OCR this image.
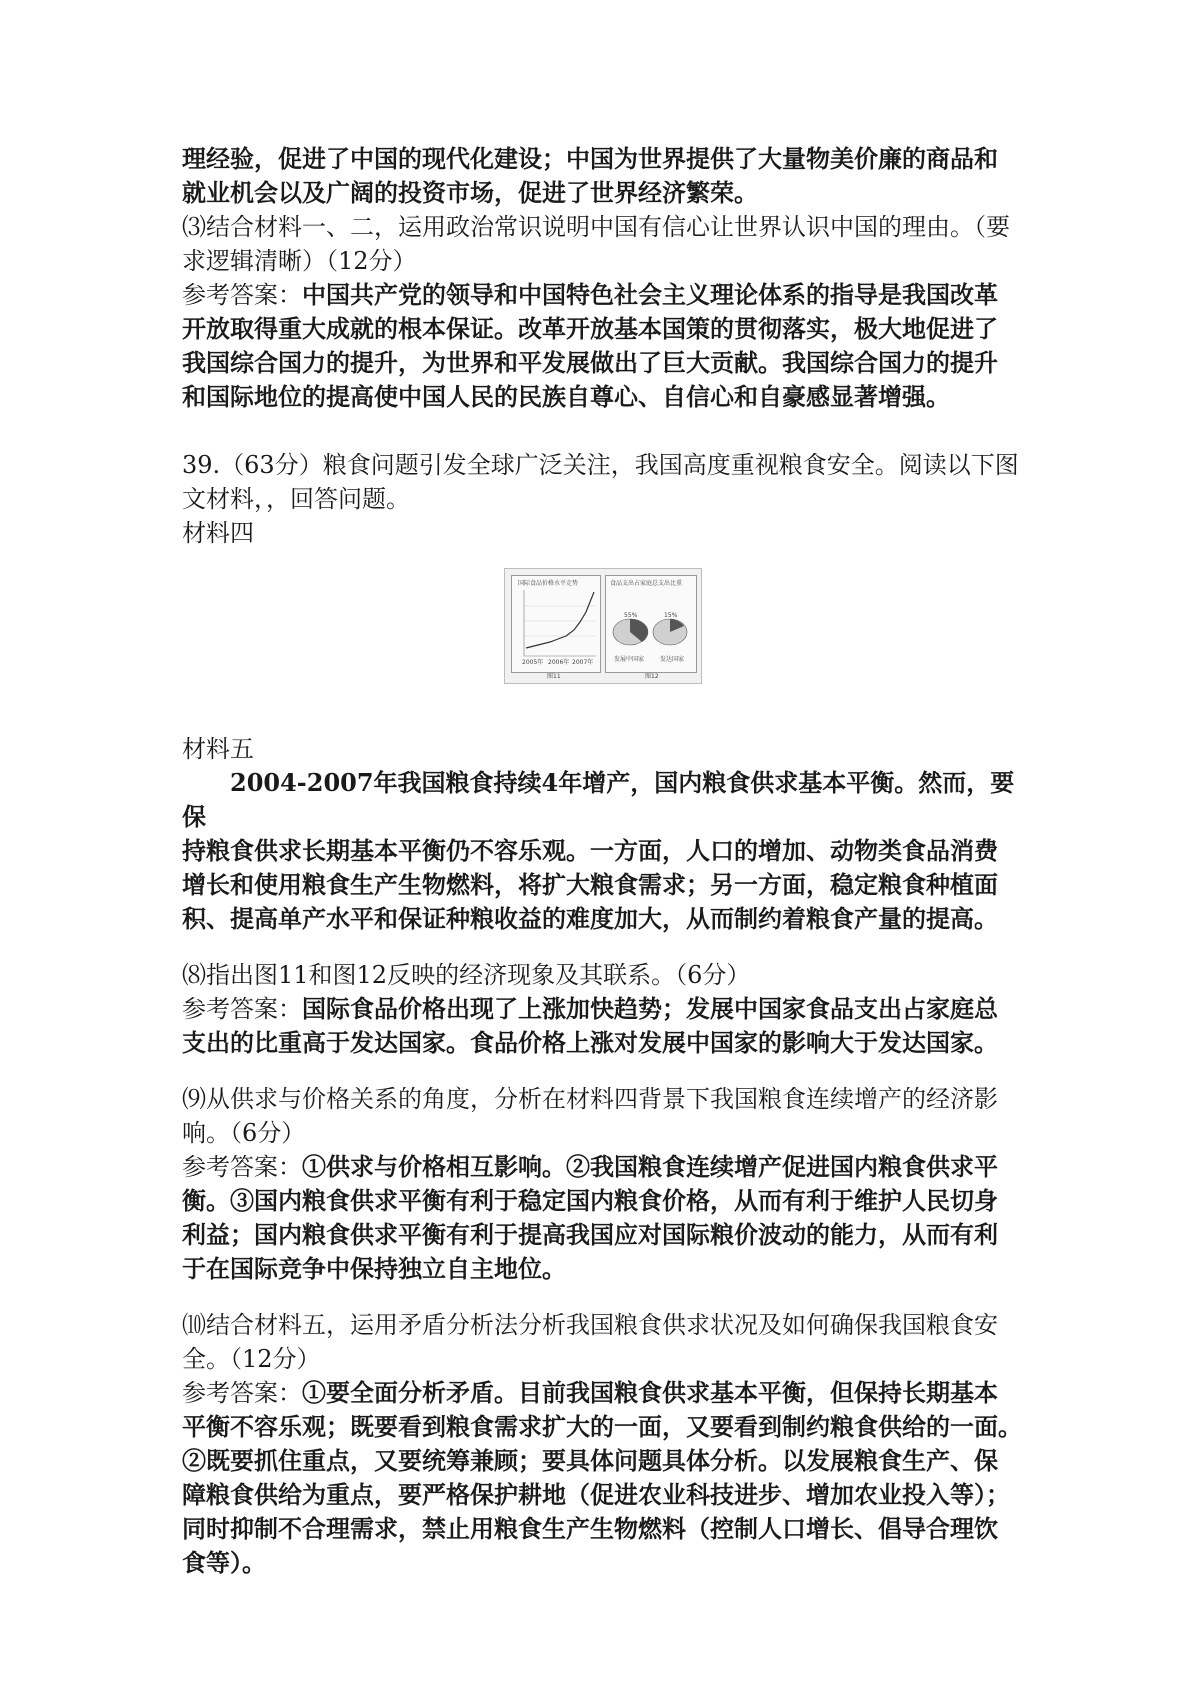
理经验，促进了中国的现代化建设；中国为世界提供了大量物美价廉的商品和

就业机会以及广阔的投资市场，促进了世界经济繁荣。

⑶结合材料一、二，运用政治常识说明中国有信心让世界认识中国的理由。（要

求逻辑清晰）（12分）

参考答案：中国共产党的领导和中国特色社会主义理论体系的指导是我国改革

开放取得重大成就的根本保证。改革开放基本国策的贯彻落实，极大地促进了

我国综合国力的提升，为世界和平发展做出了巨大贡献。我国综合国力的提升

和国际地位的提高使中国人民的民族自尊心、自信心和自豪感显著增强。

39.（63分）粮食问题引发全球广泛关注，我国高度重视粮食安全。阅读以下图

文材料，，回答问题。

材料四

国际食品价格水平走势
2005年 2006年 2007年
食品支出占家庭总支出比重
55%	15%
发展中国家	发达国家
图11	图12

材料五

2004-2007年我国粮食持续4年增产，国内粮食供求基本平衡。然而，要保

持粮食供求长期基本平衡仍不容乐观。一方面，人口的增加、动物类食品消费

增长和使用粮食生产生物燃料，将扩大粮食需求；另一方面，稳定粮食种植面

积、提高单产水平和保证种粮收益的难度加大，从而制约着粮食产量的提高。

⑻指出图11和图12反映的经济现象及其联系。（6分）

参考答案：国际食品价格出现了上涨加快趋势；发展中国家食品支出占家庭总

支出的比重高于发达国家。食品价格上涨对发展中国家的影响大于发达国家。

⑼从供求与价格关系的角度，分析在材料四背景下我国粮食连续增产的经济影

响。（6分）

参考答案：①供求与价格相互影响。②我国粮食连续增产促进国内粮食供求平

衡。③国内粮食供求平衡有利于稳定国内粮食价格，从而有利于维护人民切身

利益；国内粮食供求平衡有利于提高我国应对国际粮价波动的能力，从而有利

于在国际竞争中保持独立自主地位。

⑽结合材料五，运用矛盾分析法分析我国粮食供求状况及如何确保我国粮食安

全。（12分）

参考答案：①要全面分析矛盾。目前我国粮食供求基本平衡，但保持长期基本

平衡不容乐观；既要看到粮食需求扩大的一面，又要看到制约粮食供给的一面。

②既要抓住重点，又要统筹兼顾；要具体问题具体分析。以发展粮食生产、保

障粮食供给为重点，要严格保护耕地（促进农业科技进步、增加农业投入等）；

同时抑制不合理需求，禁止用粮食生产生物燃料（控制人口增长、倡导合理饮

食等）。
